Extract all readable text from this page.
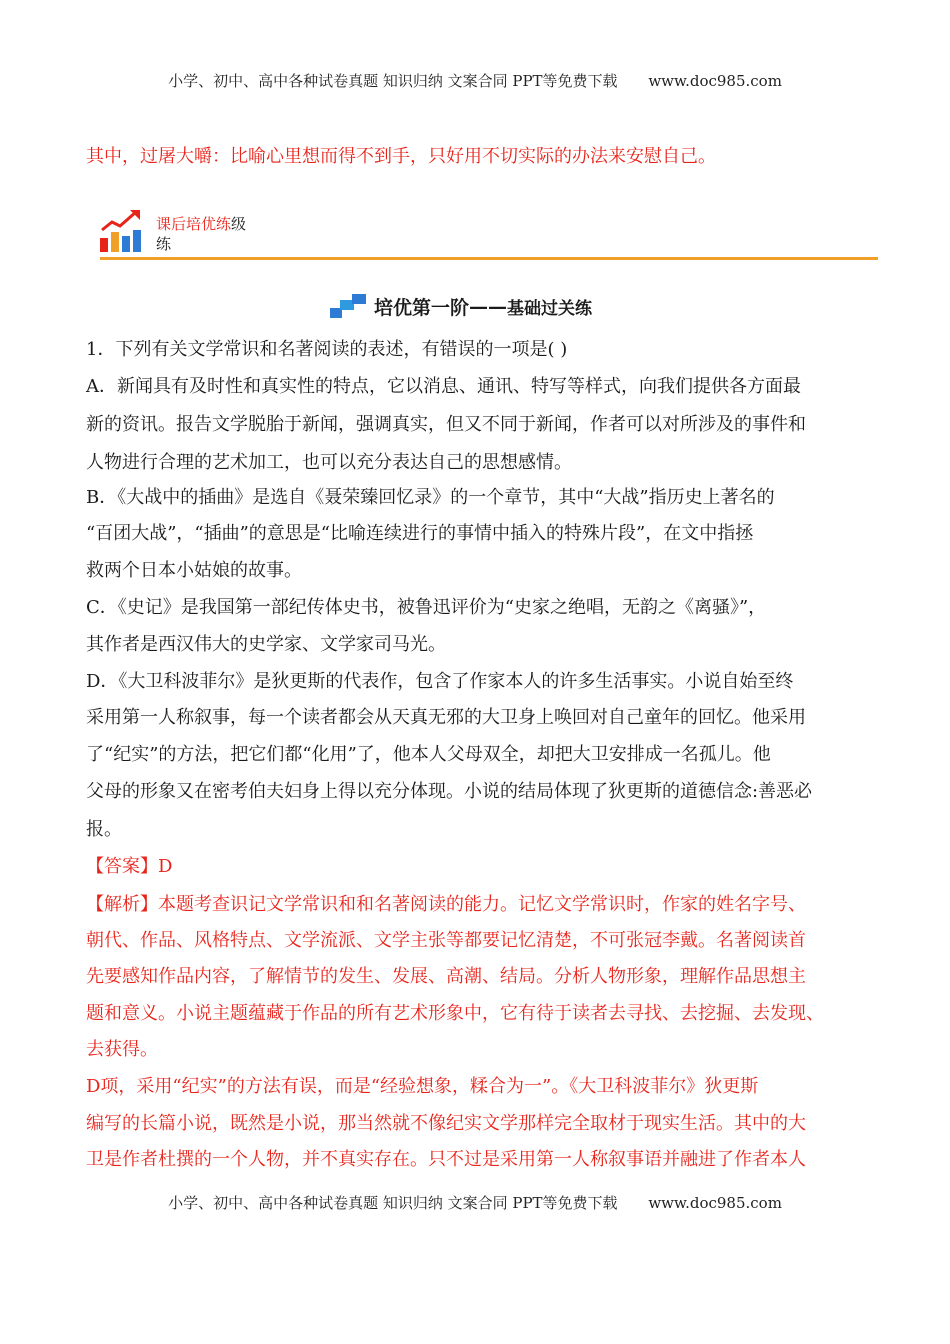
小学、初中、高中各种试卷真题 知识归纳 文案合同 PPT等免费下载 www.doc985.com
其中，过屠大嚼：比喻心里想而得不到手，只好用不切实际的办法来安慰自己。
课后培优练级
练
培优第一阶 —— 基础过关练
1．下列有关文学常识和名著阅读的表述，有错误的一项是( )
A．新闻具有及时性和真实性的特点，它以消息、通讯、特写等样式，向我们提供各方面最
新的资讯。报告文学脱胎于新闻，强调真实，但又不同于新闻，作者可以对所涉及的事件和
人物进行合理的艺术加工，也可以充分表达自己的思想感情。
B．《大战中的插曲》是选自《聂荣臻回忆录》的一个章节，其中“大战”指历史上著名的
“百团大战”，“插曲”的意思是“比喻连续进行的事情中插入的特殊片段”，在文中指拯
救两个日本小姑娘的故事。
C．《史记》是我国第一部纪传体史书，被鲁迅评价为“史家之绝唱，无韵之《离骚》”，
其作者是西汉伟大的史学家、文学家司马光。
D．《大卫科波菲尔》是狄更斯的代表作，包含了作家本人的许多生活事实。小说自始至终
采用第一人称叙事，每一个读者都会从天真无邪的大卫身上唤回对自己童年的回忆。他采用
了“纪实”的方法，把它们都“化用”了，他本人父母双全，却把大卫安排成一名孤儿。他
父母的形象又在密考伯夫妇身上得以充分体现。小说的结局体现了狄更斯的道德信念:善恶必
报。
【答案】D
【解析】本题考查识记文学常识和和名著阅读的能力。记忆文学常识时，作家的姓名字号、
朝代、作品、风格特点、文学流派、文学主张等都要记忆清楚，不可张冠李戴。名著阅读首
先要感知作品内容，了解情节的发生、发展、高潮、结局。分析人物形象，理解作品思想主
题和意义。小说主题蕴藏于作品的所有艺术形象中，它有待于读者去寻找、去挖掘、去发现、
去获得。
D项，采用“纪实”的方法有误，而是“经验想象，糅合为一”。《大卫科波菲尔》狄更斯
编写的长篇小说，既然是小说，那当然就不像纪实文学那样完全取材于现实生活。其中的大
卫是作者杜撰的一个人物，并不真实存在。只不过是采用第一人称叙事语并融进了作者本人
小学、初中、高中各种试卷真题 知识归纳 文案合同 PPT等免费下载 www.doc985.com
